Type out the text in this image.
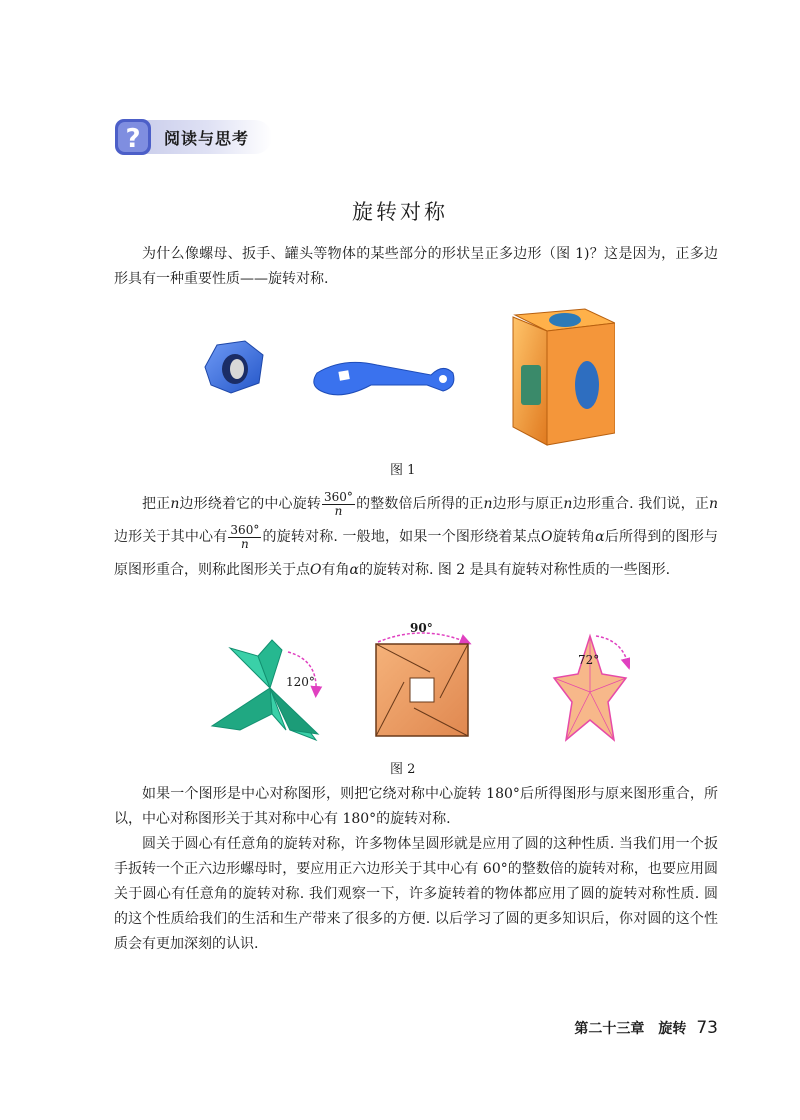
? 阅读与思考
旋转对称

为什么像螺母、扳手、罐头等物体的某些部分的形状呈正多边形（图 1)？这是因为，正多边形具有一种重要性质——旋转对称.

图 1

把正n边形绕着它的中心旋转 $\frac{360^\circ}{n}$ 的整数倍后所得的正n边形与原正n边形重合. 我们说，正n边形关于其中心有 $\frac{360^\circ}{n}$ 的旋转对称. 一般地，如果一个图形绕着某点O旋转角α后所得到的图形与原图形重合，则称此图形关于点O有角α的旋转对称. 图 2 是具有旋转对称性质的一些图形.

120°
90°
72°
图 2

如果一个图形是中心对称图形，则把它绕对称中心旋转 180°后所得图形与原来图形重合，所以，中心对称图形关于其对称中心有 180°的旋转对称.

圆关于圆心有任意角的旋转对称，许多物体呈圆形就是应用了圆的这种性质. 当我们用一个扳手扳转一个正六边形螺母时，要应用正六边形关于其中心有 60°的整数倍的旋转对称，也要应用圆关于圆心有任意角的旋转对称. 我们观察一下，许多旋转着的物体都应用了圆的旋转对称性质. 圆的这个性质给我们的生活和生产带来了很多的方便. 以后学习了圆的更多知识后，你对圆的这个性质会有更加深刻的认识.

第二十三章　旋转 73
